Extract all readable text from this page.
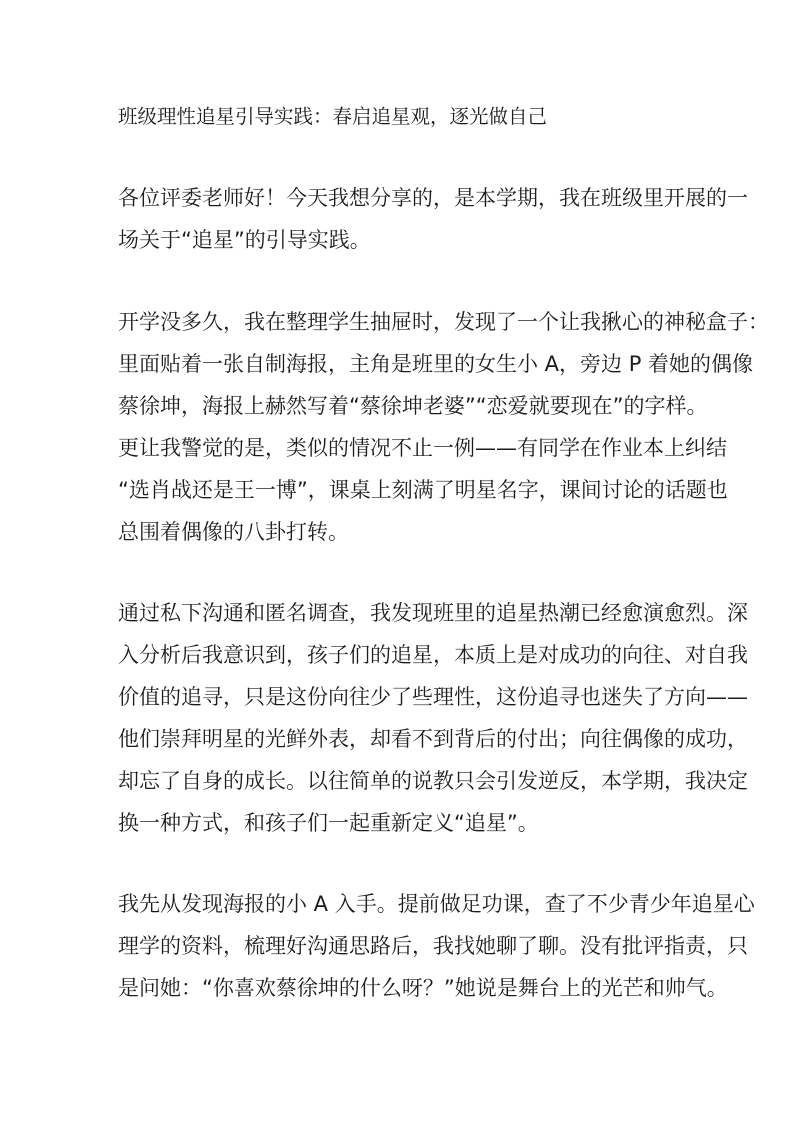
班级理性追星引导实践：春启追星观，逐光做自己
各位评委老师好！今天我想分享的，是本学期，我在班级里开展的一
场关于“追星”的引导实践。
开学没多久，我在整理学生抽屉时，发现了一个让我揪心的神秘盒子：
里面贴着一张自制海报，主角是班里的女生小 A，旁边 P 着她的偶像
蔡徐坤，海报上赫然写着“蔡徐坤老婆”“恋爱就要现在”的字样。
更让我警觉的是，类似的情况不止一例——有同学在作业本上纠结
“选肖战还是王一博”，课桌上刻满了明星名字，课间讨论的话题也
总围着偶像的八卦打转。
通过私下沟通和匿名调查，我发现班里的追星热潮已经愈演愈烈。深
入分析后我意识到，孩子们的追星，本质上是对成功的向往、对自我
价值的追寻，只是这份向往少了些理性，这份追寻也迷失了方向——
他们崇拜明星的光鲜外表，却看不到背后的付出；向往偶像的成功，
却忘了自身的成长。以往简单的说教只会引发逆反，本学期，我决定
换一种方式，和孩子们一起重新定义“追星”。
我先从发现海报的小 A 入手。提前做足功课，查了不少青少年追星心
理学的资料，梳理好沟通思路后，我找她聊了聊。没有批评指责，只
是问她：“你喜欢蔡徐坤的什么呀？”她说是舞台上的光芒和帅气。
